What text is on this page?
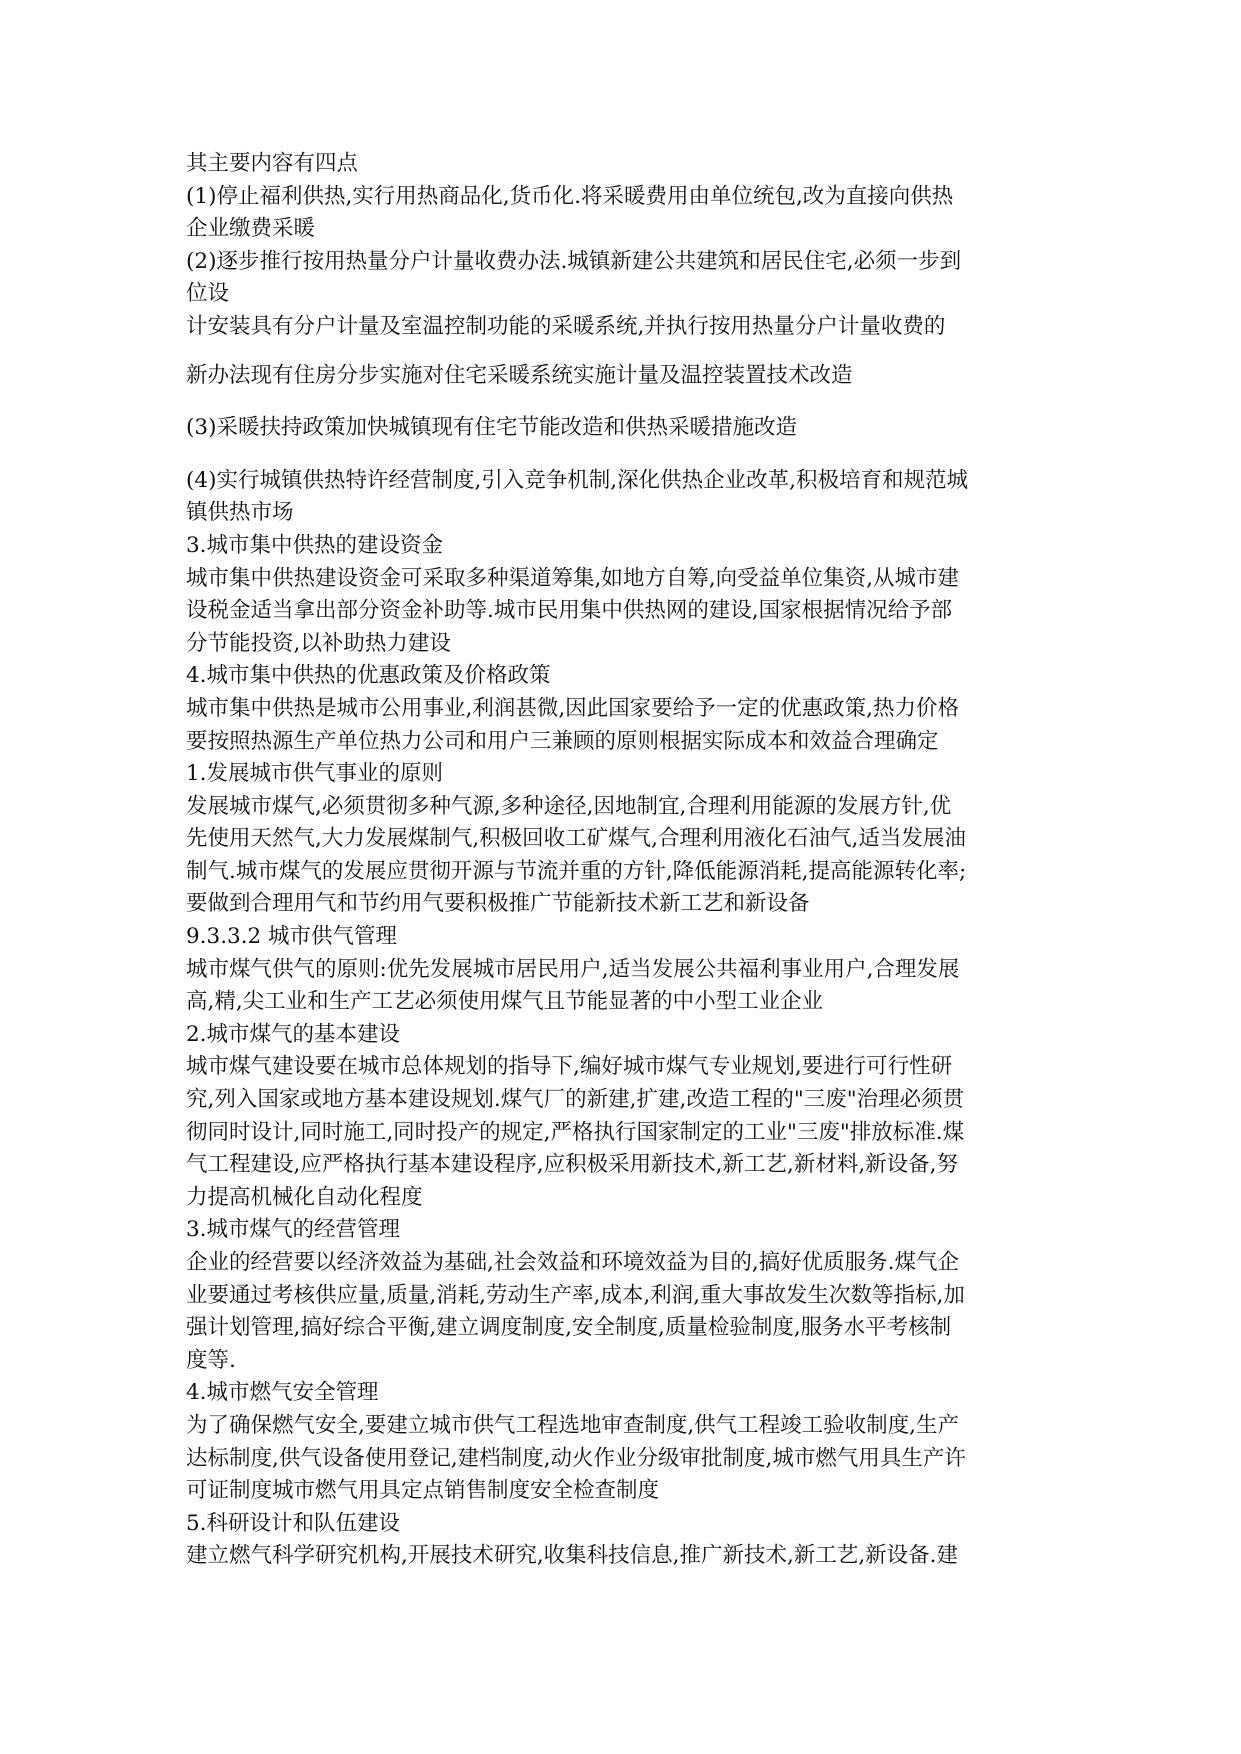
其主要内容有四点
(1)停止福利供热,实行用热商品化,货币化.将采暖费用由单位统包,改为直接向供热
企业缴费采暖
(2)逐步推行按用热量分户计量收费办法.城镇新建公共建筑和居民住宅,必须一步到
位设
计安装具有分户计量及室温控制功能的采暖系统,并执行按用热量分户计量收费的
新办法现有住房分步实施对住宅采暖系统实施计量及温控装置技术改造
(3)采暖扶持政策加快城镇现有住宅节能改造和供热采暖措施改造
(4)实行城镇供热特许经营制度,引入竞争机制,深化供热企业改革,积极培育和规范城
镇供热市场
3.城市集中供热的建设资金
城市集中供热建设资金可采取多种渠道筹集,如地方自筹,向受益单位集资,从城市建
设税金适当拿出部分资金补助等.城市民用集中供热网的建设,国家根据情况给予部
分节能投资,以补助热力建设
4.城市集中供热的优惠政策及价格政策
城市集中供热是城市公用事业,利润甚微,因此国家要给予一定的优惠政策,热力价格
要按照热源生产单位热力公司和用户三兼顾的原则根据实际成本和效益合理确定
1.发展城市供气事业的原则
发展城市煤气,必须贯彻多种气源,多种途径,因地制宜,合理利用能源的发展方针,优
先使用天然气,大力发展煤制气,积极回收工矿煤气,合理利用液化石油气,适当发展油
制气.城市煤气的发展应贯彻开源与节流并重的方针,降低能源消耗,提高能源转化率;
要做到合理用气和节约用气要积极推广节能新技术新工艺和新设备
9.3.3.2 城市供气管理
城市煤气供气的原则:优先发展城市居民用户,适当发展公共福利事业用户,合理发展
高,精,尖工业和生产工艺必须使用煤气且节能显著的中小型工业企业
2.城市煤气的基本建设
城市煤气建设要在城市总体规划的指导下,编好城市煤气专业规划,要进行可行性研
究,列入国家或地方基本建设规划.煤气厂的新建,扩建,改造工程的"三废"治理必须贯
彻同时设计,同时施工,同时投产的规定,严格执行国家制定的工业"三废"排放标准.煤
气工程建设,应严格执行基本建设程序,应积极采用新技术,新工艺,新材料,新设备,努
力提高机械化自动化程度
3.城市煤气的经营管理
企业的经营要以经济效益为基础,社会效益和环境效益为目的,搞好优质服务.煤气企
业要通过考核供应量,质量,消耗,劳动生产率,成本,利润,重大事故发生次数等指标,加
强计划管理,搞好综合平衡,建立调度制度,安全制度,质量检验制度,服务水平考核制
度等.
4.城市燃气安全管理
为了确保燃气安全,要建立城市供气工程选地审查制度,供气工程竣工验收制度,生产
达标制度,供气设备使用登记,建档制度,动火作业分级审批制度,城市燃气用具生产许
可证制度城市燃气用具定点销售制度安全检查制度
5.科研设计和队伍建设
建立燃气科学研究机构,开展技术研究,收集科技信息,推广新技术,新工艺,新设备.建
